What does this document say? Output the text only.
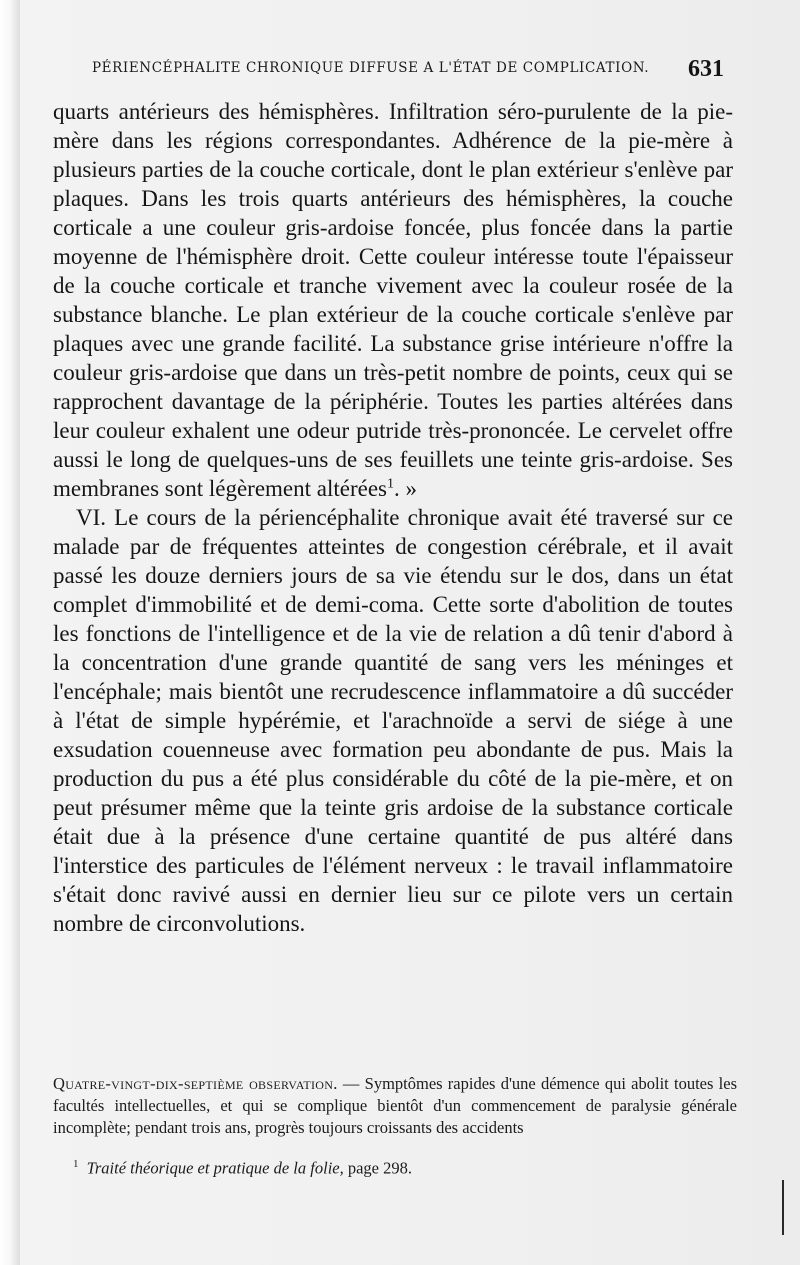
PÉRIENCÉPHALITE CHRONIQUE DIFFUSE A L'ÉTAT DE COMPLICATION.	631

quarts antérieurs des hémisphères. Infiltration séro-purulente de la pie-mère dans les régions correspondantes. Adhérence de la pie-mère à plusieurs parties de la couche corticale, dont le plan extérieur s'enlève par plaques. Dans les trois quarts antérieurs des hémisphères, la couche corticale a une couleur gris-ardoise foncée, plus foncée dans la partie moyenne de l'hémisphère droit. Cette couleur intéresse toute l'épaisseur de la couche corticale et tranche vivement avec la couleur rosée de la substance blanche. Le plan extérieur de la couche corticale s'enlève par plaques avec une grande facilité. La substance grise intérieure n'offre la couleur gris-ardoise que dans un très-petit nombre de points, ceux qui se rapprochent davantage de la périphérie. Toutes les parties altérées dans leur couleur exhalent une odeur putride très-prononcée. Le cervelet offre aussi le long de quelques-uns de ses feuillets une teinte gris-ardoise. Ses membranes sont légèrement altérées$^1$. »

VI. Le cours de la périencéphalite chronique avait été traversé sur ce malade par de fréquentes atteintes de congestion cérébrale, et il avait passé les douze derniers jours de sa vie étendu sur le dos, dans un état complet d'immobilité et de demi-coma. Cette sorte d'abolition de toutes les fonctions de l'intelligence et de la vie de relation a dû tenir d'abord à la concentration d'une grande quantité de sang vers les méninges et l'encéphale; mais bientôt une recrudescence inflammatoire a dû succéder à l'état de simple hypérémie, et l'arachnoïde a servi de siége à une exsudation couenneuse avec formation peu abondante de pus. Mais la production du pus a été plus considérable du côté de la pie-mère, et on peut présumer même que la teinte gris ardoise de la substance corticale était due à la présence d'une certaine quantité de pus altéré dans l'interstice des particules de l'élément nerveux : le travail inflammatoire s'était donc ravivé aussi en dernier lieu sur ce pilote vers un certain nombre de circonvolutions.

Quatre-vingt-dix-septième observation. — Symptômes rapides d'une démence qui abolit toutes les facultés intellectuelles, et qui se complique bientôt d'un commencement de paralysie générale incomplète; pendant trois ans, progrès toujours croissants des accidents
$^1$ Traité théorique et pratique de la folie, page 298.
